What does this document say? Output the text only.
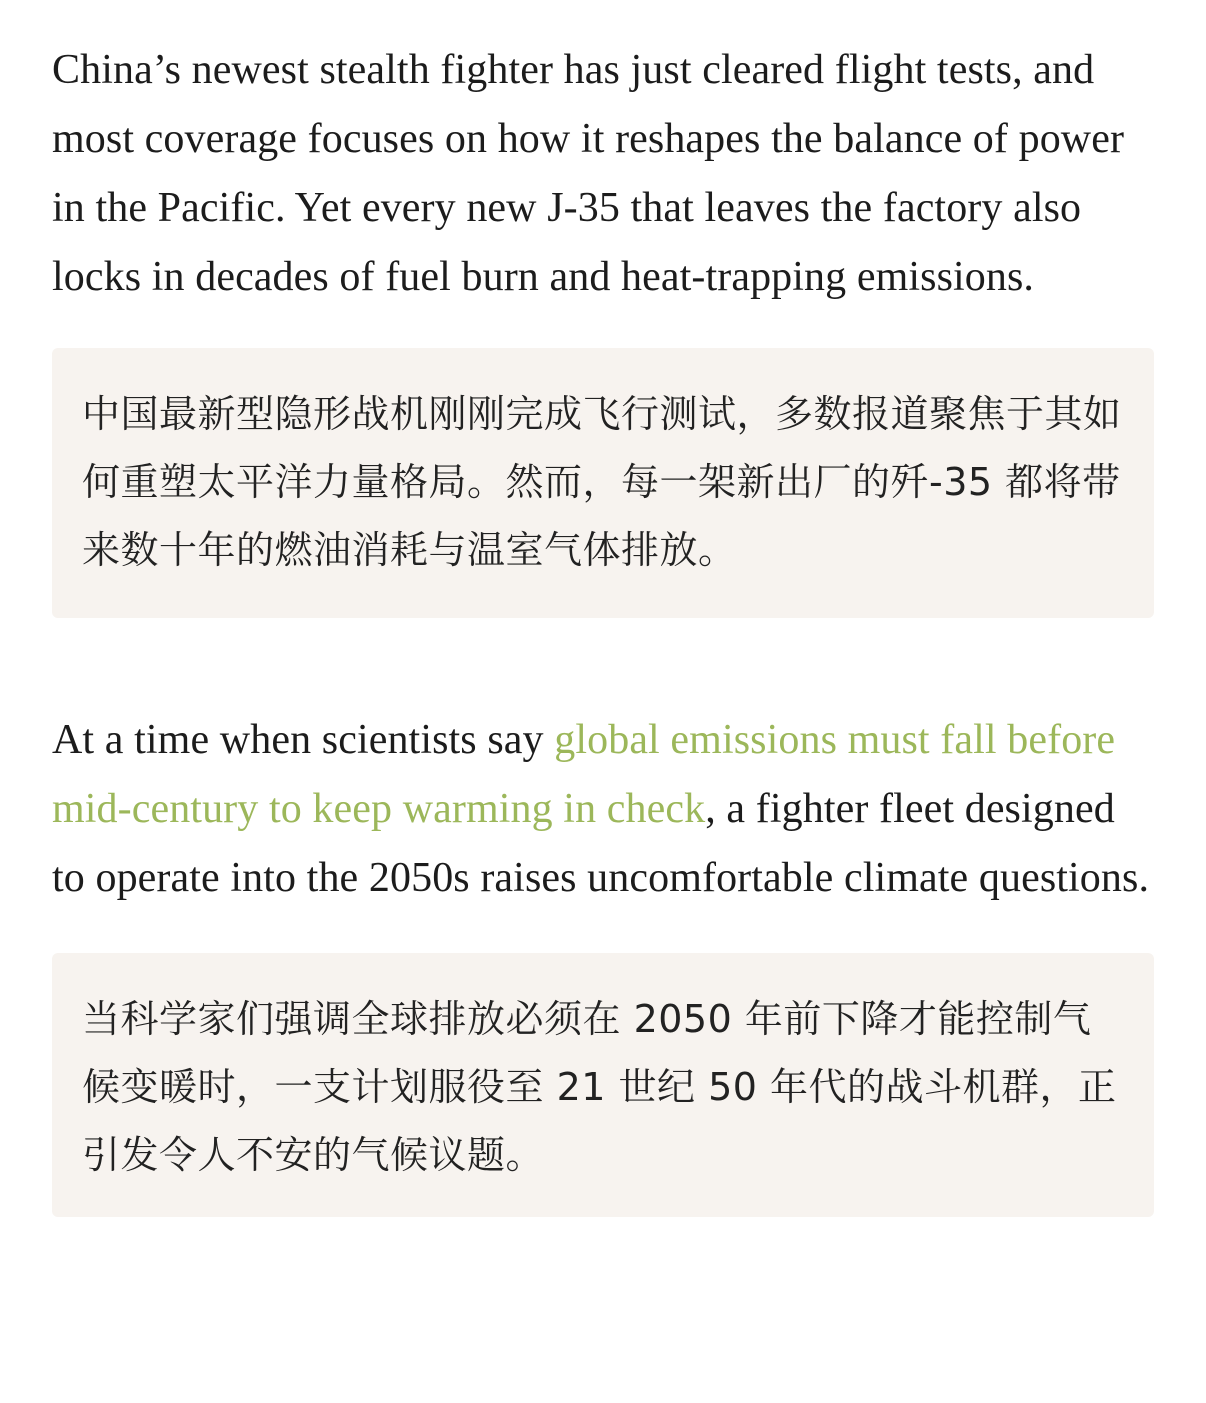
China’s newest stealth fighter has just cleared flight tests, and most coverage focuses on how it reshapes the balance of power in the Pacific. Yet every new J-35 that leaves the factory also locks in decades of fuel burn and heat-trapping emissions.

中国最新型隐形战机刚刚完成飞行测试，多数报道聚焦于其如何重塑太平洋力量格局。然而，每一架新出厂的歼-35 都将带来数十年的燃油消耗与温室气体排放。

At a time when scientists say global emissions must fall before mid-century to keep warming in check, a fighter fleet designed to operate into the 2050s raises uncomfortable climate questions.

当科学家们强调全球排放必须在 2050 年前下降才能控制气候变暖时，一支计划服役至 21 世纪 50 年代的战斗机群，正引发令人不安的气候议题。
